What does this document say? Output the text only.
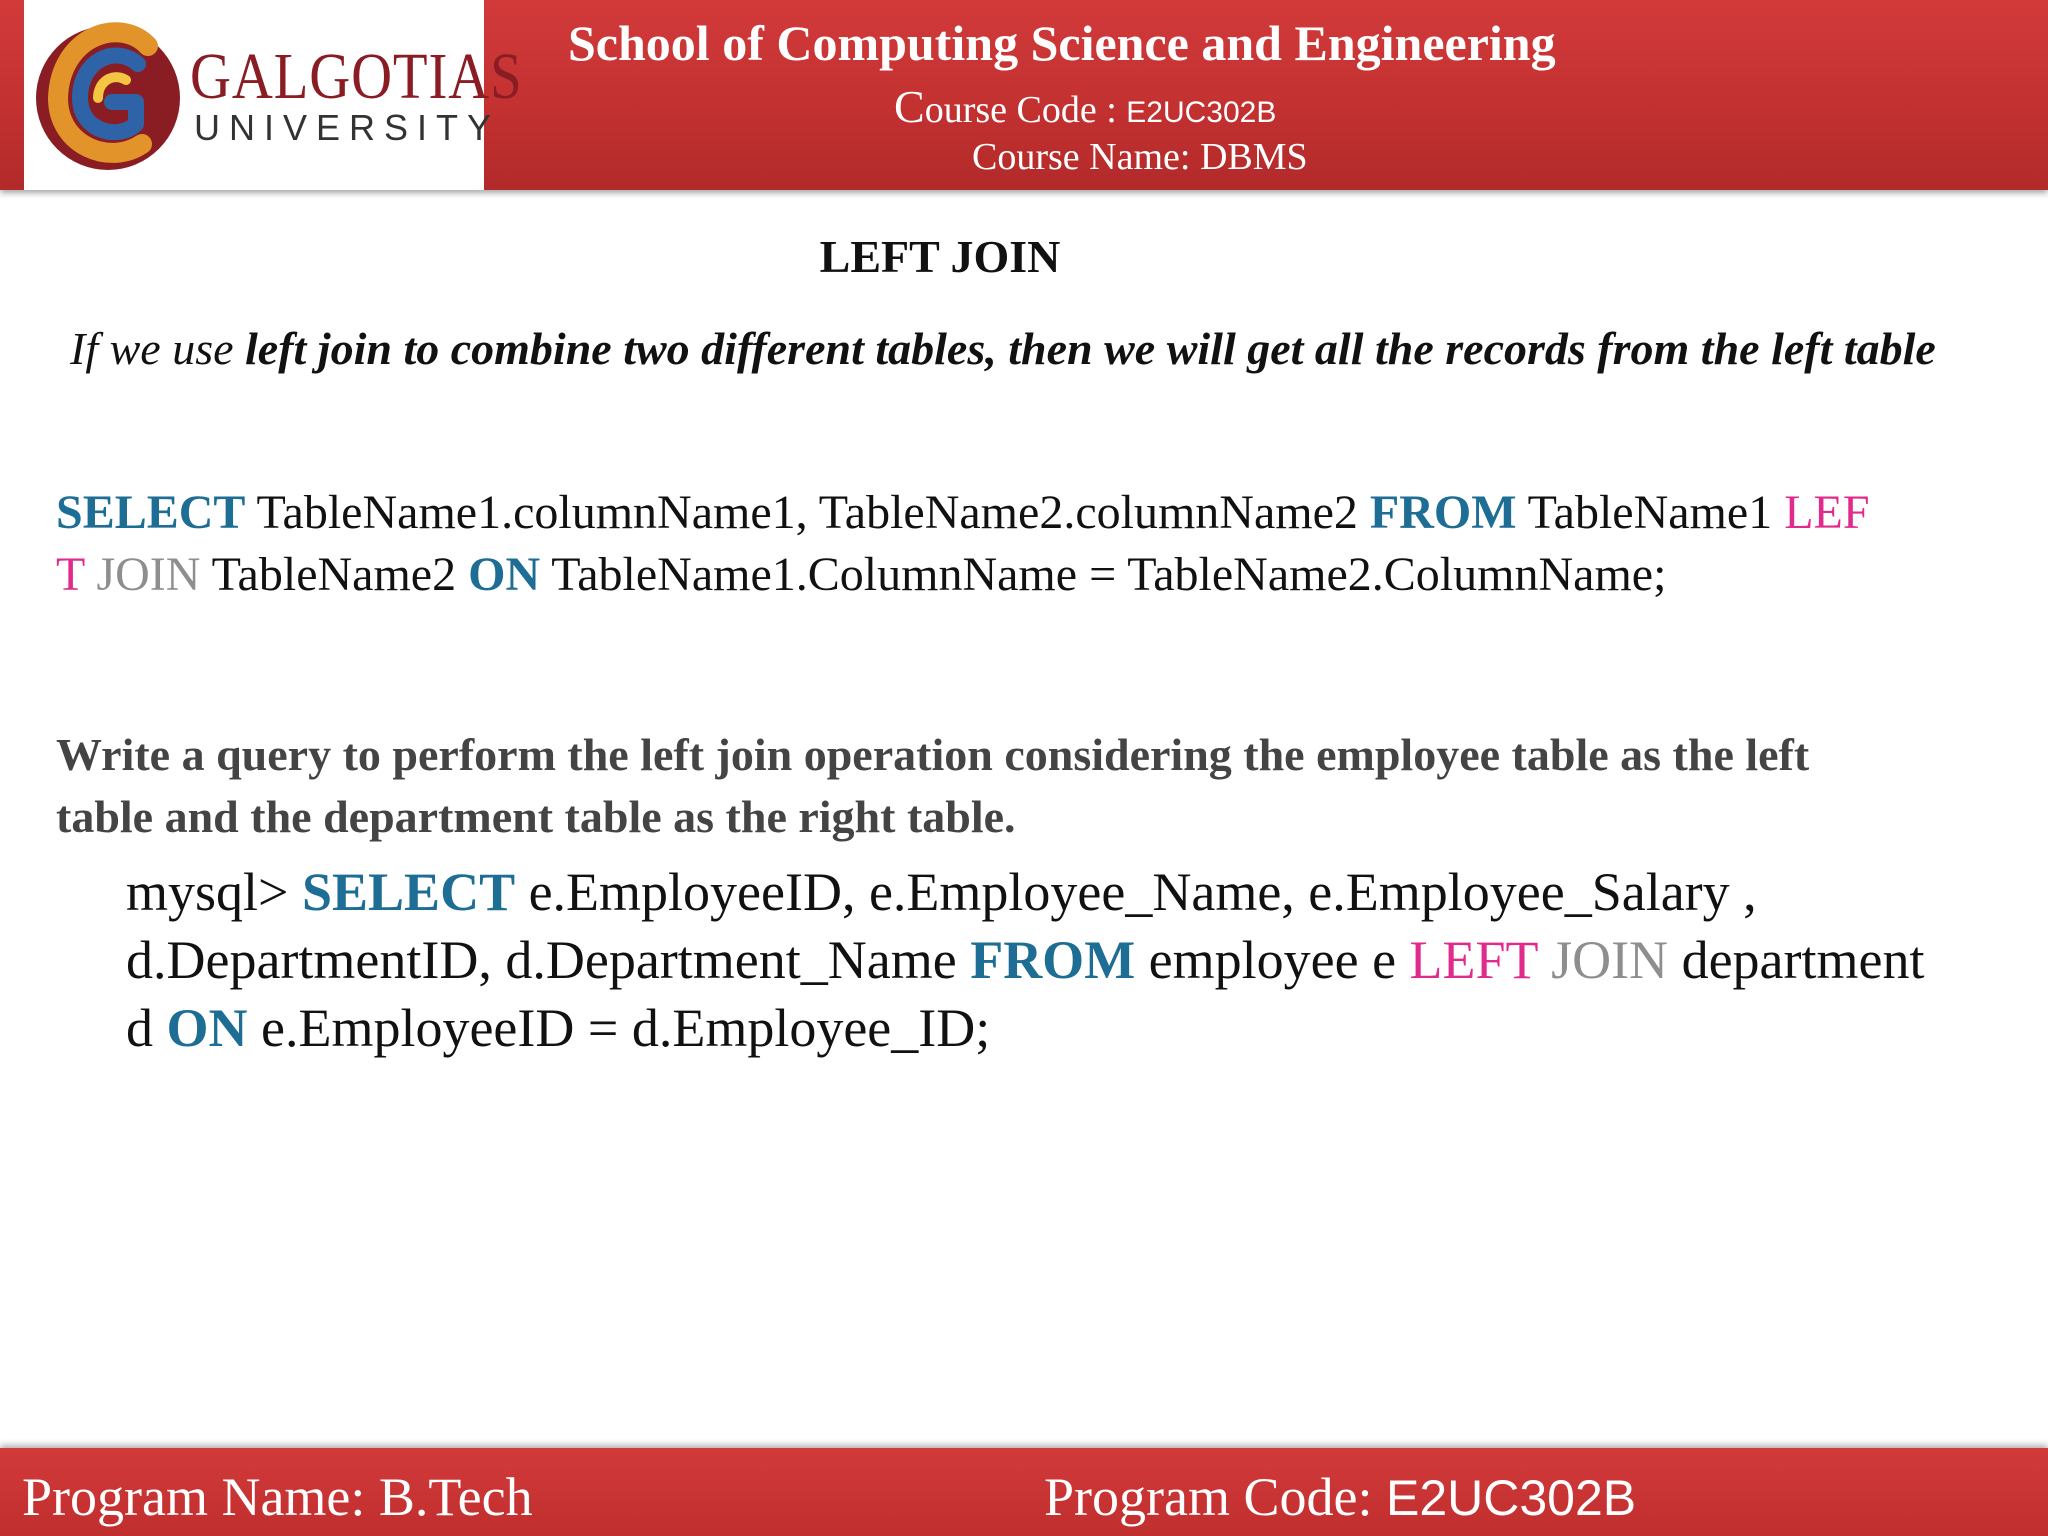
GALGOTIAS
UNIVERSITY
School of Computing Science and Engineering
Course Code : E2UC302B
Course Name: DBMS
LEFT JOIN
If we use left join to combine two different tables, then we will get all the records from the left table
SELECT TableName1.columnName1, TableName2.columnName2 FROM TableName1 LEFT JOIN TableName2 ON TableName1.ColumnName = TableName2.ColumnName;
Write a query to perform the left join operation considering the employee table as the left table and the department table as the right table.
mysql> SELECT e.EmployeeID, e.Employee_Name, e.Employee_Salary , d.DepartmentID, d.Department_Name FROM employee e LEFT JOIN department d ON e.EmployeeID = d.Employee_ID;
Program Name: B.Tech	Program Code: E2UC302B
